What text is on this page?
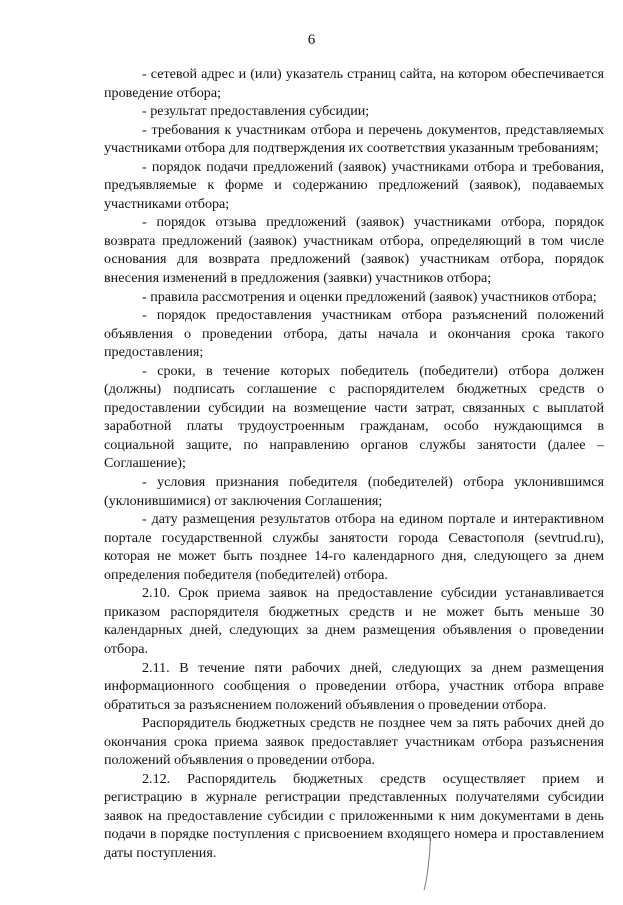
6

- сетевой адрес и (или) указатель страниц сайта, на котором обеспечивается проведение отбора;

- результат предоставления субсидии;

- требования к участникам отбора и перечень документов, представляемых участниками отбора для подтверждения их соответствия указанным требованиям;

- порядок подачи предложений (заявок) участниками отбора и требования, предъявляемые к форме и содержанию предложений (заявок), подаваемых участниками отбора;

- порядок отзыва предложений (заявок) участниками отбора, порядок возврата предложений (заявок) участникам отбора, определяющий в том числе основания для возврата предложений (заявок) участникам отбора, порядок внесения изменений в предложения (заявки) участников отбора;

- правила рассмотрения и оценки предложений (заявок) участников отбора;

- порядок предоставления участникам отбора разъяснений положений объявления о проведении отбора, даты начала и окончания срока такого предоставления;

- сроки, в течение которых победитель (победители) отбора должен (должны) подписать соглашение с распорядителем бюджетных средств о предоставлении субсидии на возмещение части затрат, связанных с выплатой заработной платы трудоустроенным гражданам, особо нуждающимся в социальной защите, по направлению органов службы занятости (далее – Соглашение);

- условия признания победителя (победителей) отбора уклонившимся (уклонившимися) от заключения Соглашения;

- дату размещения результатов отбора на едином портале и интерактивном портале государственной службы занятости города Севастополя (sevtrud.ru), которая не может быть позднее 14-го календарного дня, следующего за днем определения победителя (победителей) отбора.

2.10. Срок приема заявок на предоставление субсидии устанавливается приказом распорядителя бюджетных средств и не может быть меньше 30 календарных дней, следующих за днем размещения объявления о проведении отбора.

2.11. В течение пяти рабочих дней, следующих за днем размещения информационного сообщения о проведении отбора, участник отбора вправе обратиться за разъяснением положений объявления о проведении отбора.

Распорядитель бюджетных средств не позднее чем за пять рабочих дней до окончания срока приема заявок предоставляет участникам отбора разъяснения положений объявления о проведении отбора.

2.12. Распорядитель бюджетных средств осуществляет прием и регистрацию в журнале регистрации представленных получателями субсидии заявок на предоставление субсидии с приложенными к ним документами в день подачи в порядке поступления с присвоением входящего номера и проставлением даты поступления.
